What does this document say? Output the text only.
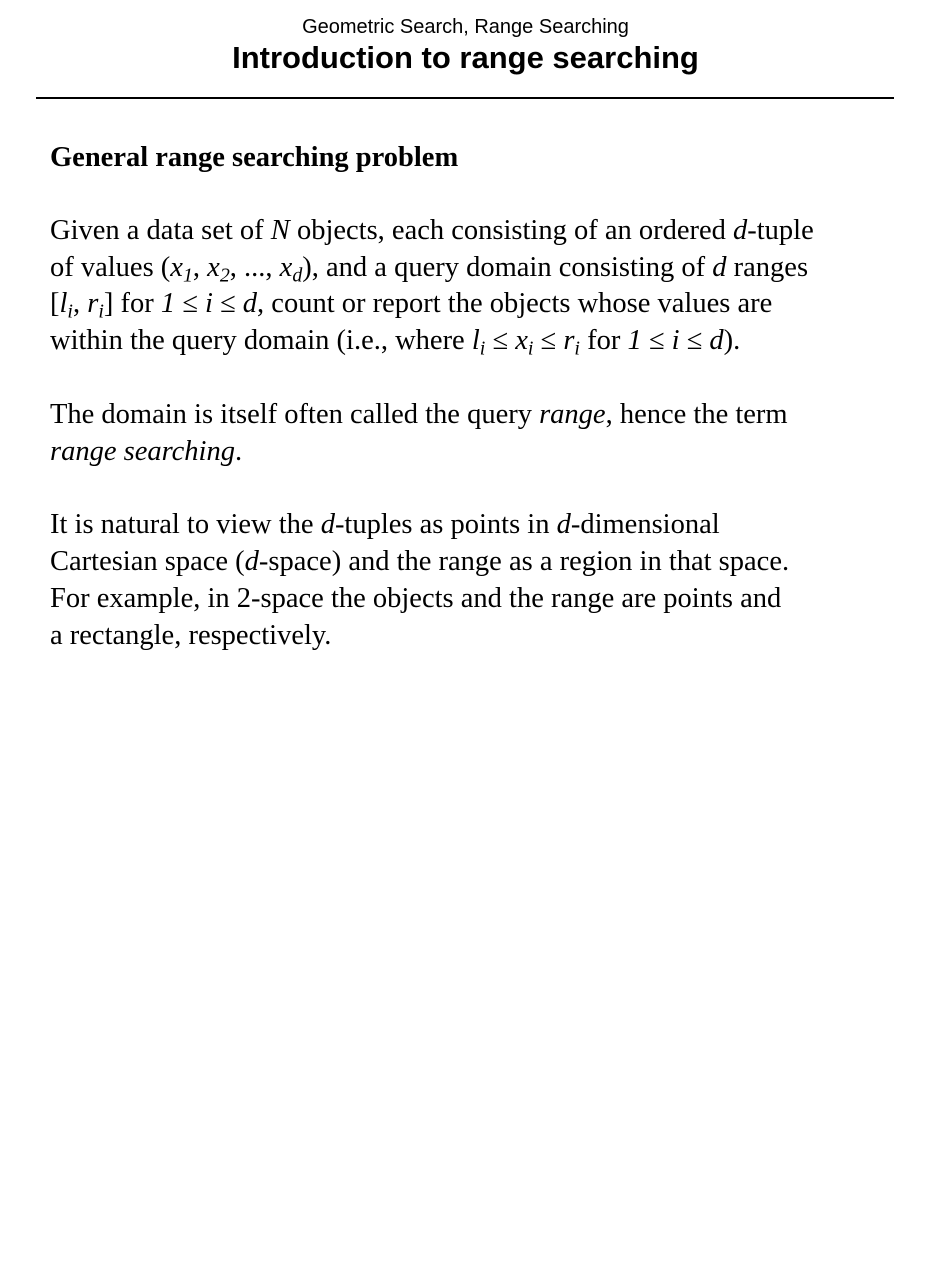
Geometric Search, Range Searching
Introduction to range searching
General range searching problem

Given a data set of N objects, each consisting of an ordered d-tuple
of values ($x_1$, $x_2$, ..., $x_d$), and a query domain consisting of d ranges
[$l_i$, $r_i$] for 1 ≤ i ≤ d, count or report the objects whose values are
within the query domain (i.e., where $l_i \le x_i \le r_i$ for 1 ≤ i ≤ d).

The domain is itself often called the query range, hence the term
range searching.

It is natural to view the d-tuples as points in d-dimensional
Cartesian space (d-space) and the range as a region in that space.
For example, in 2-space the objects and the range are points and
a rectangle, respectively.
